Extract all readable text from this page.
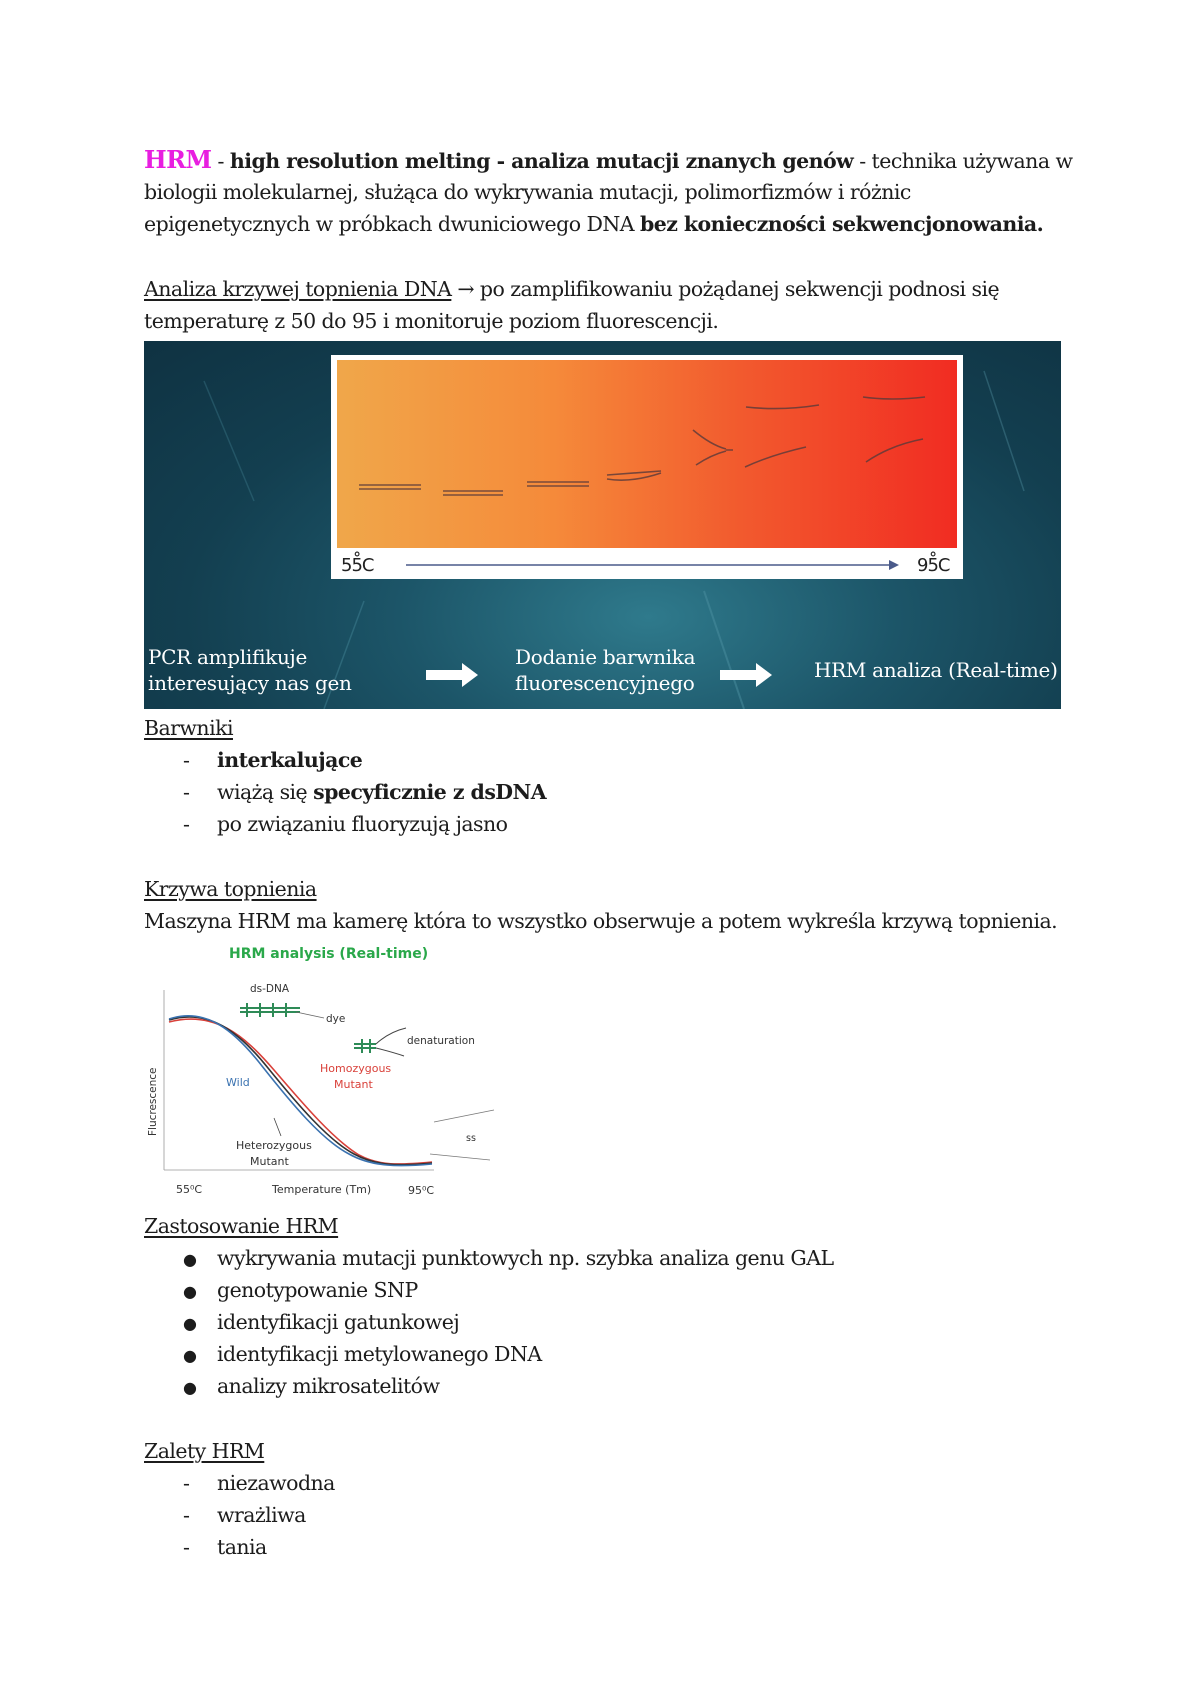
HRM - high resolution melting - analiza mutacji znanych genów - technika używana w
biologii molekularnej, służąca do wykrywania mutacji, polimorfizmów i różnic
epigenetycznych w próbkach dwuniciowego DNA bez konieczności sekwencjonowania.
Analiza krzywej topnienia DNA → po zamplifikowaniu pożądanej sekwencji podnosi się
temperaturę z 50 do 95 i monitoruje poziom fluorescencji.
55̊C	95̊C
PCR amplifikuje
interesujący nas gen
Dodanie barwnika
fluorescencyjnego
HRM analiza (Real-time)
Barwniki
- interkalujące
- wiążą się specyficznie z dsDNA
- po związaniu fluoryzują jasno
Krzywa topnienia
Maszyna HRM ma kamerę która to wszystko obserwuje a potem wykreśla krzywą topnienia.
HRM analysis (Real-time)
ds-DNA
dye
denaturation
Wild
Homozygous
Mutant
Heterozygous
Mutant
ss
Flucrescence
55⁰C	Temperature (Tm)	95⁰C
Zastosowanie HRM
● wykrywania mutacji punktowych np. szybka analiza genu GAL
● genotypowanie SNP
● identyfikacji gatunkowej
● identyfikacji metylowanego DNA
● analizy mikrosatelitów
Zalety HRM
- niezawodna
- wrażliwa
- tania
